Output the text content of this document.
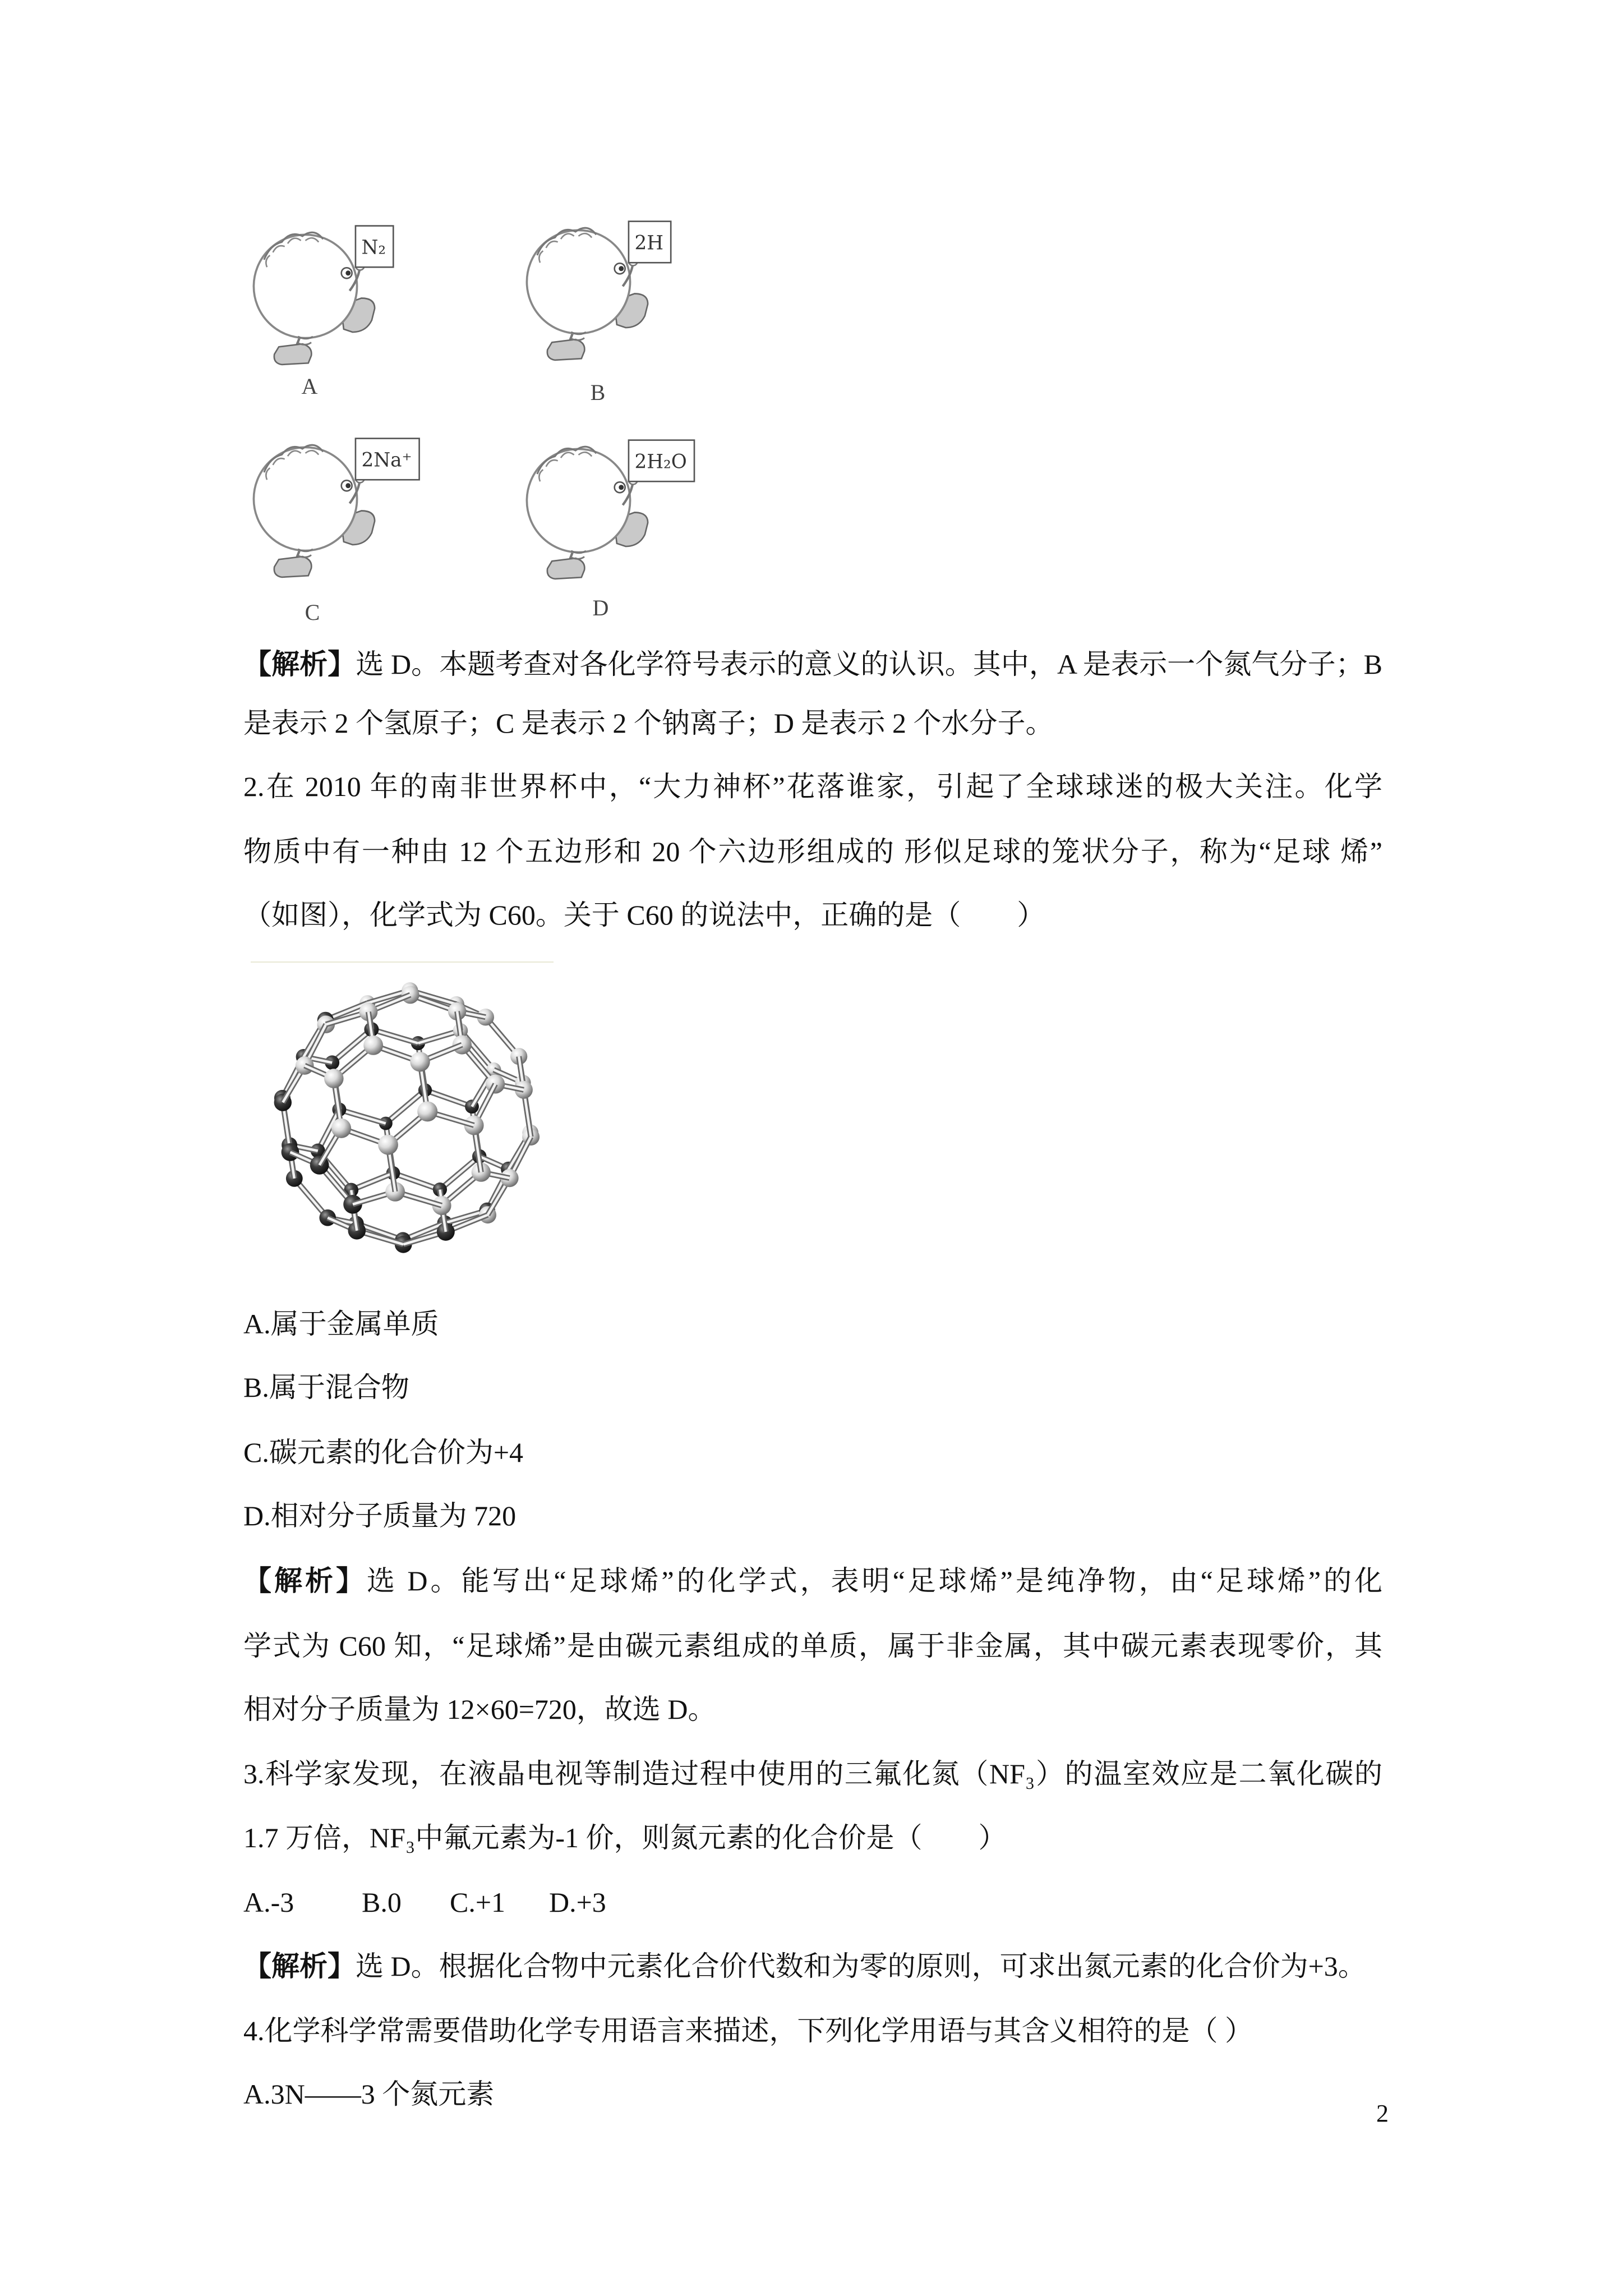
N₂
A
2H
B
2Na⁺
C
2H₂O
D
【解析】选 D。本题考查对各化学符号表示的意义的认识。其中，A 是表示一个氮气分子；B
是表示 2 个氢原子；C 是表示 2 个钠离子；D 是表示 2 个水分子。
2.在 2010 年的南非世界杯中，“大力神杯”花落谁家，引起了全球球迷的极大关注。化学
物质中有一种由 12 个五边形和 20 个六边形组成的 形似足球的笼状分子，称为“足球 烯”
（如图），化学式为 C60。关于 C60 的说法中，正确的是（　　）
A.属于金属单质
B.属于混合物
C.碳元素的化合价为+4
D.相对分子质量为 720
【解析】选 D。能写出“足球烯”的化学式，表明“足球烯”是纯净物，由“足球烯”的化
学式为 C60 知，“足球烯”是由碳元素组成的单质，属于非金属，其中碳元素表现零价，其
相对分子质量为 12×60=720，故选 D。
3.科学家发现，在液晶电视等制造过程中使用的三氟化氮（NF₃）的温室效应是二氧化碳的
1.7 万倍，NF₃中氟元素为-1 价，则氮元素的化合价是（　　）
A.-3 B.0 C.+1 D.+3
【解析】选 D。根据化合物中元素化合价代数和为零的原则，可求出氮元素的化合价为+3。
4.化学科学常需要借助化学专用语言来描述，下列化学用语与其含义相符的是（ ）
A.3N——3 个氮元素
2
